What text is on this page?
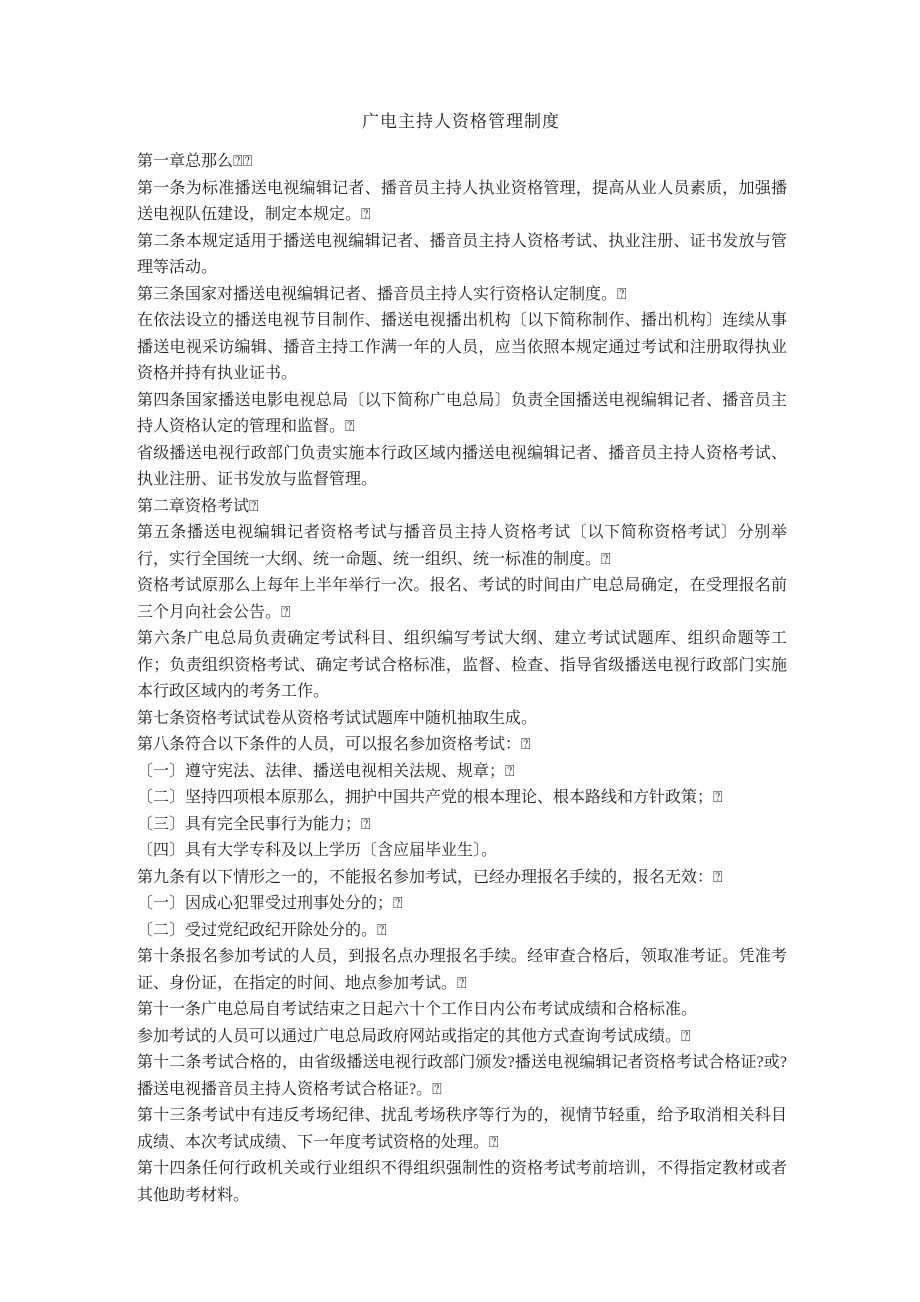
广电主持人资格管理制度

第一章总那么⍰⍰

第一条为标准播送电视编辑记者、播音员主持人执业资格管理，提高从业人员素质，加强播送电视队伍建设，制定本规定。⍰

第二条本规定适用于播送电视编辑记者、播音员主持人资格考试、执业注册、证书发放与管理等活动。

第三条国家对播送电视编辑记者、播音员主持人实行资格认定制度。⍰

在依法设立的播送电视节目制作、播送电视播出机构〔以下简称制作、播出机构〕连续从事播送电视采访编辑、播音主持工作满一年的人员，应当依照本规定通过考试和注册取得执业资格并持有执业证书。

第四条国家播送电影电视总局〔以下简称广电总局〕负责全国播送电视编辑记者、播音员主持人资格认定的管理和监督。⍰

省级播送电视行政部门负责实施本行政区域内播送电视编辑记者、播音员主持人资格考试、执业注册、证书发放与监督管理。

第二章资格考试⍰

第五条播送电视编辑记者资格考试与播音员主持人资格考试〔以下简称资格考试〕分别举行，实行全国统一大纲、统一命题、统一组织、统一标准的制度。⍰

资格考试原那么上每年上半年举行一次。报名、考试的时间由广电总局确定，在受理报名前三个月向社会公告。⍰

第六条广电总局负责确定考试科目、组织编写考试大纲、建立考试试题库、组织命题等工作；负责组织资格考试、确定考试合格标准，监督、检查、指导省级播送电视行政部门实施本行政区域内的考务工作。

第七条资格考试试卷从资格考试试题库中随机抽取生成。

第八条符合以下条件的人员，可以报名参加资格考试：⍰

〔一〕遵守宪法、法律、播送电视相关法规、规章；⍰

〔二〕坚持四项根本原那么，拥护中国共产党的根本理论、根本路线和方针政策；⍰

〔三〕具有完全民事行为能力；⍰

〔四〕具有大学专科及以上学历〔含应届毕业生〕。

第九条有以下情形之一的，不能报名参加考试，已经办理报名手续的，报名无效：⍰

〔一〕因成心犯罪受过刑事处分的；⍰

〔二〕受过党纪政纪开除处分的。⍰

第十条报名参加考试的人员，到报名点办理报名手续。经审查合格后，领取准考证。凭准考证、身份证，在指定的时间、地点参加考试。⍰

第十一条广电总局自考试结束之日起六十个工作日内公布考试成绩和合格标准。

参加考试的人员可以通过广电总局政府网站或指定的其他方式查询考试成绩。⍰

第十二条考试合格的，由省级播送电视行政部门颁发?播送电视编辑记者资格考试合格证?或?播送电视播音员主持人资格考试合格证?。⍰

第十三条考试中有违反考场纪律、扰乱考场秩序等行为的，视情节轻重，给予取消相关科目成绩、本次考试成绩、下一年度考试资格的处理。⍰

第十四条任何行政机关或行业组织不得组织强制性的资格考试考前培训，不得指定教材或者其他助考材料。
